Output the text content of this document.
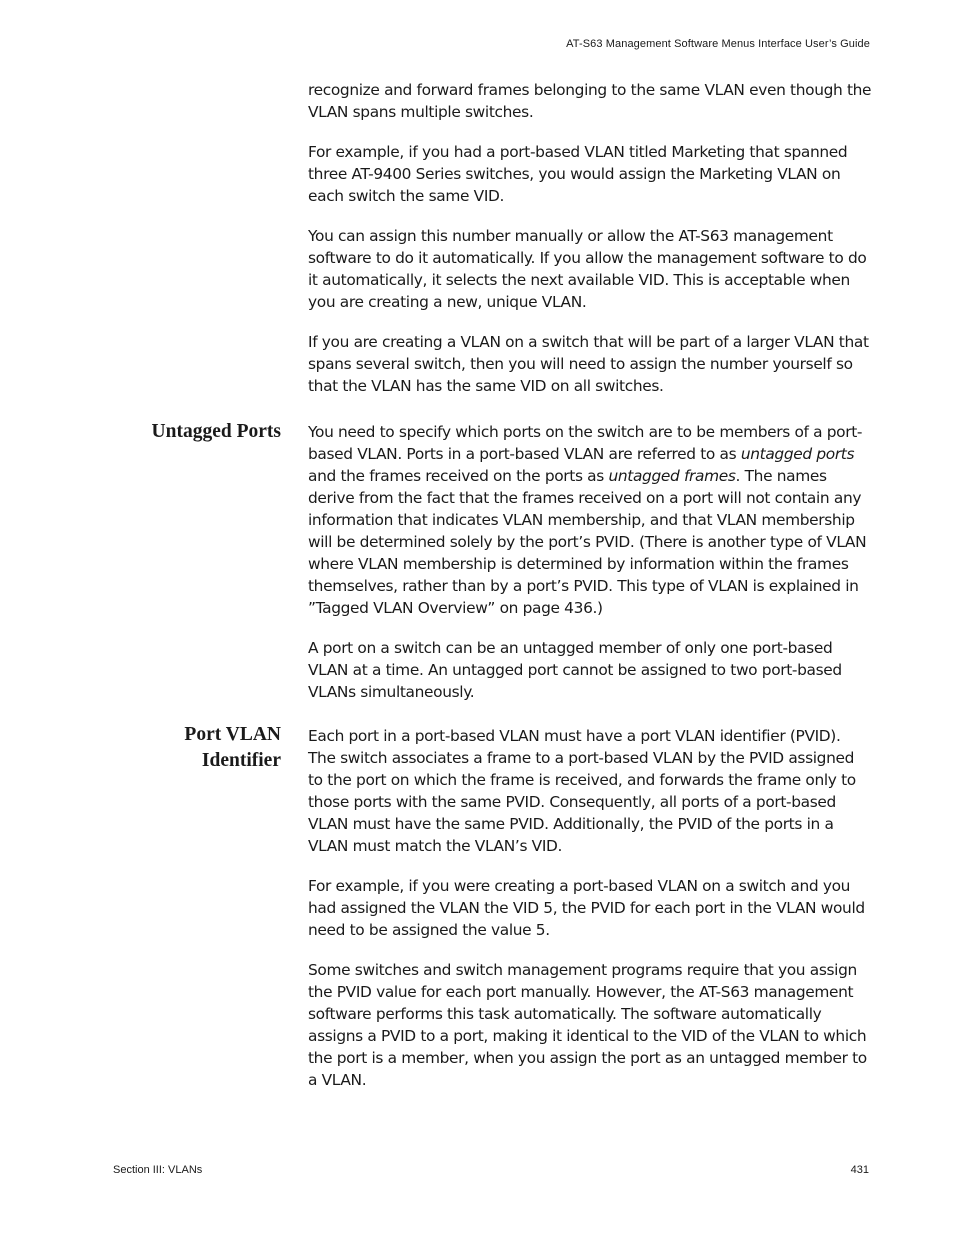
AT-S63 Management Software Menus Interface User’s Guide

recognize and forward frames belonging to the same VLAN even though the VLAN spans multiple switches.

For example, if you had a port-based VLAN titled Marketing that spanned three AT-9400 Series switches, you would assign the Marketing VLAN on each switch the same VID.

You can assign this number manually or allow the AT-S63 management software to do it automatically. If you allow the management software to do it automatically, it selects the next available VID. This is acceptable when you are creating a new, unique VLAN.

If you are creating a VLAN on a switch that will be part of a larger VLAN that spans several switch, then you will need to assign the number yourself so that the VLAN has the same VID on all switches.

Untagged Ports You need to specify which ports on the switch are to be members of a port-based VLAN. Ports in a port-based VLAN are referred to as untagged ports and the frames received on the ports as untagged frames. The names derive from the fact that the frames received on a port will not contain any information that indicates VLAN membership, and that VLAN membership will be determined solely by the port’s PVID. (There is another type of VLAN where VLAN membership is determined by information within the frames themselves, rather than by a port’s PVID. This type of VLAN is explained in ”Tagged VLAN Overview” on page 436.)

A port on a switch can be an untagged member of only one port-based VLAN at a time. An untagged port cannot be assigned to two port-based VLANs simultaneously.

Port VLAN
Identifier

Each port in a port-based VLAN must have a port VLAN identifier (PVID). The switch associates a frame to a port-based VLAN by the PVID assigned to the port on which the frame is received, and forwards the frame only to those ports with the same PVID. Consequently, all ports of a port-based VLAN must have the same PVID. Additionally, the PVID of the ports in a VLAN must match the VLAN’s VID.

For example, if you were creating a port-based VLAN on a switch and you had assigned the VLAN the VID 5, the PVID for each port in the VLAN would need to be assigned the value 5.

Some switches and switch management programs require that you assign the PVID value for each port manually. However, the AT-S63 management software performs this task automatically. The software automatically assigns a PVID to a port, making it identical to the VID of the VLAN to which the port is a member, when you assign the port as an untagged member to a VLAN.

Section III: VLANs	431
